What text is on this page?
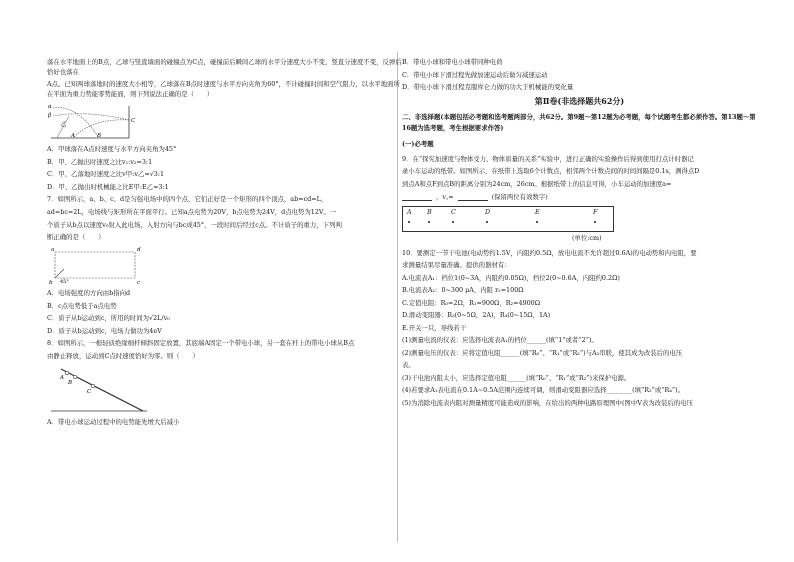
落在水平地面上的B点，乙球与竖直墙面的碰撞点为C点，碰撞前后瞬间乙球的水平分速度大小不变，竖直分速度不变，反弹后恰好也落在

A点。已知两球落地时的速度大小相等，乙球落在B点时速度与水平方向夹角为60°，不计碰撞时间和空气阻力，以水平地面所在平面为重力势能零势能面，则下列说法正确的是（　　）

α
β
乙
A	B
C

A．甲球落在A点时速度与水平方向夹角为45°

B．甲、乙抛出时速度之比v₁:v₂=3:1

C．甲、乙落地时速度之比v甲:v乙=√3:1

D．甲、乙抛出时机械能之比E甲:E乙=3:1

7．如图所示，a、b、c、d是匀强电场中的四个点，它们正好是一个矩形的四个顶点，ab=cd=L，

ad=bc=2L，电场线与矩形所在平面平行。已知a点电势为20V，b点电势为24V，d点电势为12V。一

个质子从b点以速度v₀射入此电场，入射方向与bc成45°，一段时间后经过c点。不计质子的重力，下列判

断正确的是（　　）

a	d
b	c
45°

A．电场强度的方向由b指向d

B．c点电势低于a点电势

C．质子从b运动到c，所用的时间为√2L/v₀

D．质子从b运动到c，电场力做功为4eV

8．如图所示，一根轻质绝缘细杆倾斜固定放置，其底端A固定一个带电小球，另一套在杆上的带电小球从B点

由静止释放，运动到C点时速度恰好为零。则（　　）

A
B
C

A．带电小球运动过程中的电势能先增大后减小

B．带电小球和带电小球带同种电荷

C．带电小球下滑过程先做加速运动后做匀减速运动

D．带电小球下滑过程克服库仑力做的功大于机械能的变化量

第Ⅱ卷(非选择题共62分)

二、非选择题(本题包括必考题和选考题两部分，共62分。第9题～第12题为必考题，每个试题考生都必须作答。第13题～第16题为选考题，考生根据要求作答)

(一)必考题

9．在“探究加速度与物体受力、物体质量的关系”实验中，进行正确的实验操作后得到使用打点计时器记

录小车运动的纸带。如图所示，在纸带上选取6个计数点，相邻两个计数点间的时间间隔是0.1s，测得点D

到点A和点F到点B的距离分别为24cm，26cm。根据纸带上的信息可得，小车运动的加速度a=

，v꜀=	(保留两位有效数字)
A B	C	D	E	F

(单位:cm)

10．要测定一节干电池(电动势约1.5V，内阻约0.5Ω，放电电流不允许超过0.6A)的电动势和内电阻，要

求测量结果尽量准确。提供的器材有：

A.电流表A₁：档位1(0~3A，内阻约0.05Ω)，档位2(0~0.6A，内阻约0.2Ω)

B.电流表A₂：0~300 μA，内阻 r₂=100Ω

C.定值电阻：R₀=2Ω，R₁=900Ω，R₂=4900Ω

D.滑动变阻器：R₃(0~5Ω，2A)，R₄(0~15Ω，1A)

E.开关一只、导线若干

(1)测量电流的仪表：应选择电流表A₁的档位______(填“1”或者“2”)。

(2)测量电压的仪表：应将定值电阻______(填“R₀”、“R₁”或“R₂”)与A₂串联，使其成为改装后的电压

表。

(3)干电池内阻太小，应选择定值电阻______(填“R₀”、“R₁”或“R₂”)来保护电源。

(4)若要求A₁表电流在0.1A~0.5A范围内连续可调，则滑动变阻器应选择________(填“R₃”或“R₄”)。

(5)为消除电流表内阻对测量精度可能造成的影响，在给出的两种电路原理图中(图中V表为改装后的电压
